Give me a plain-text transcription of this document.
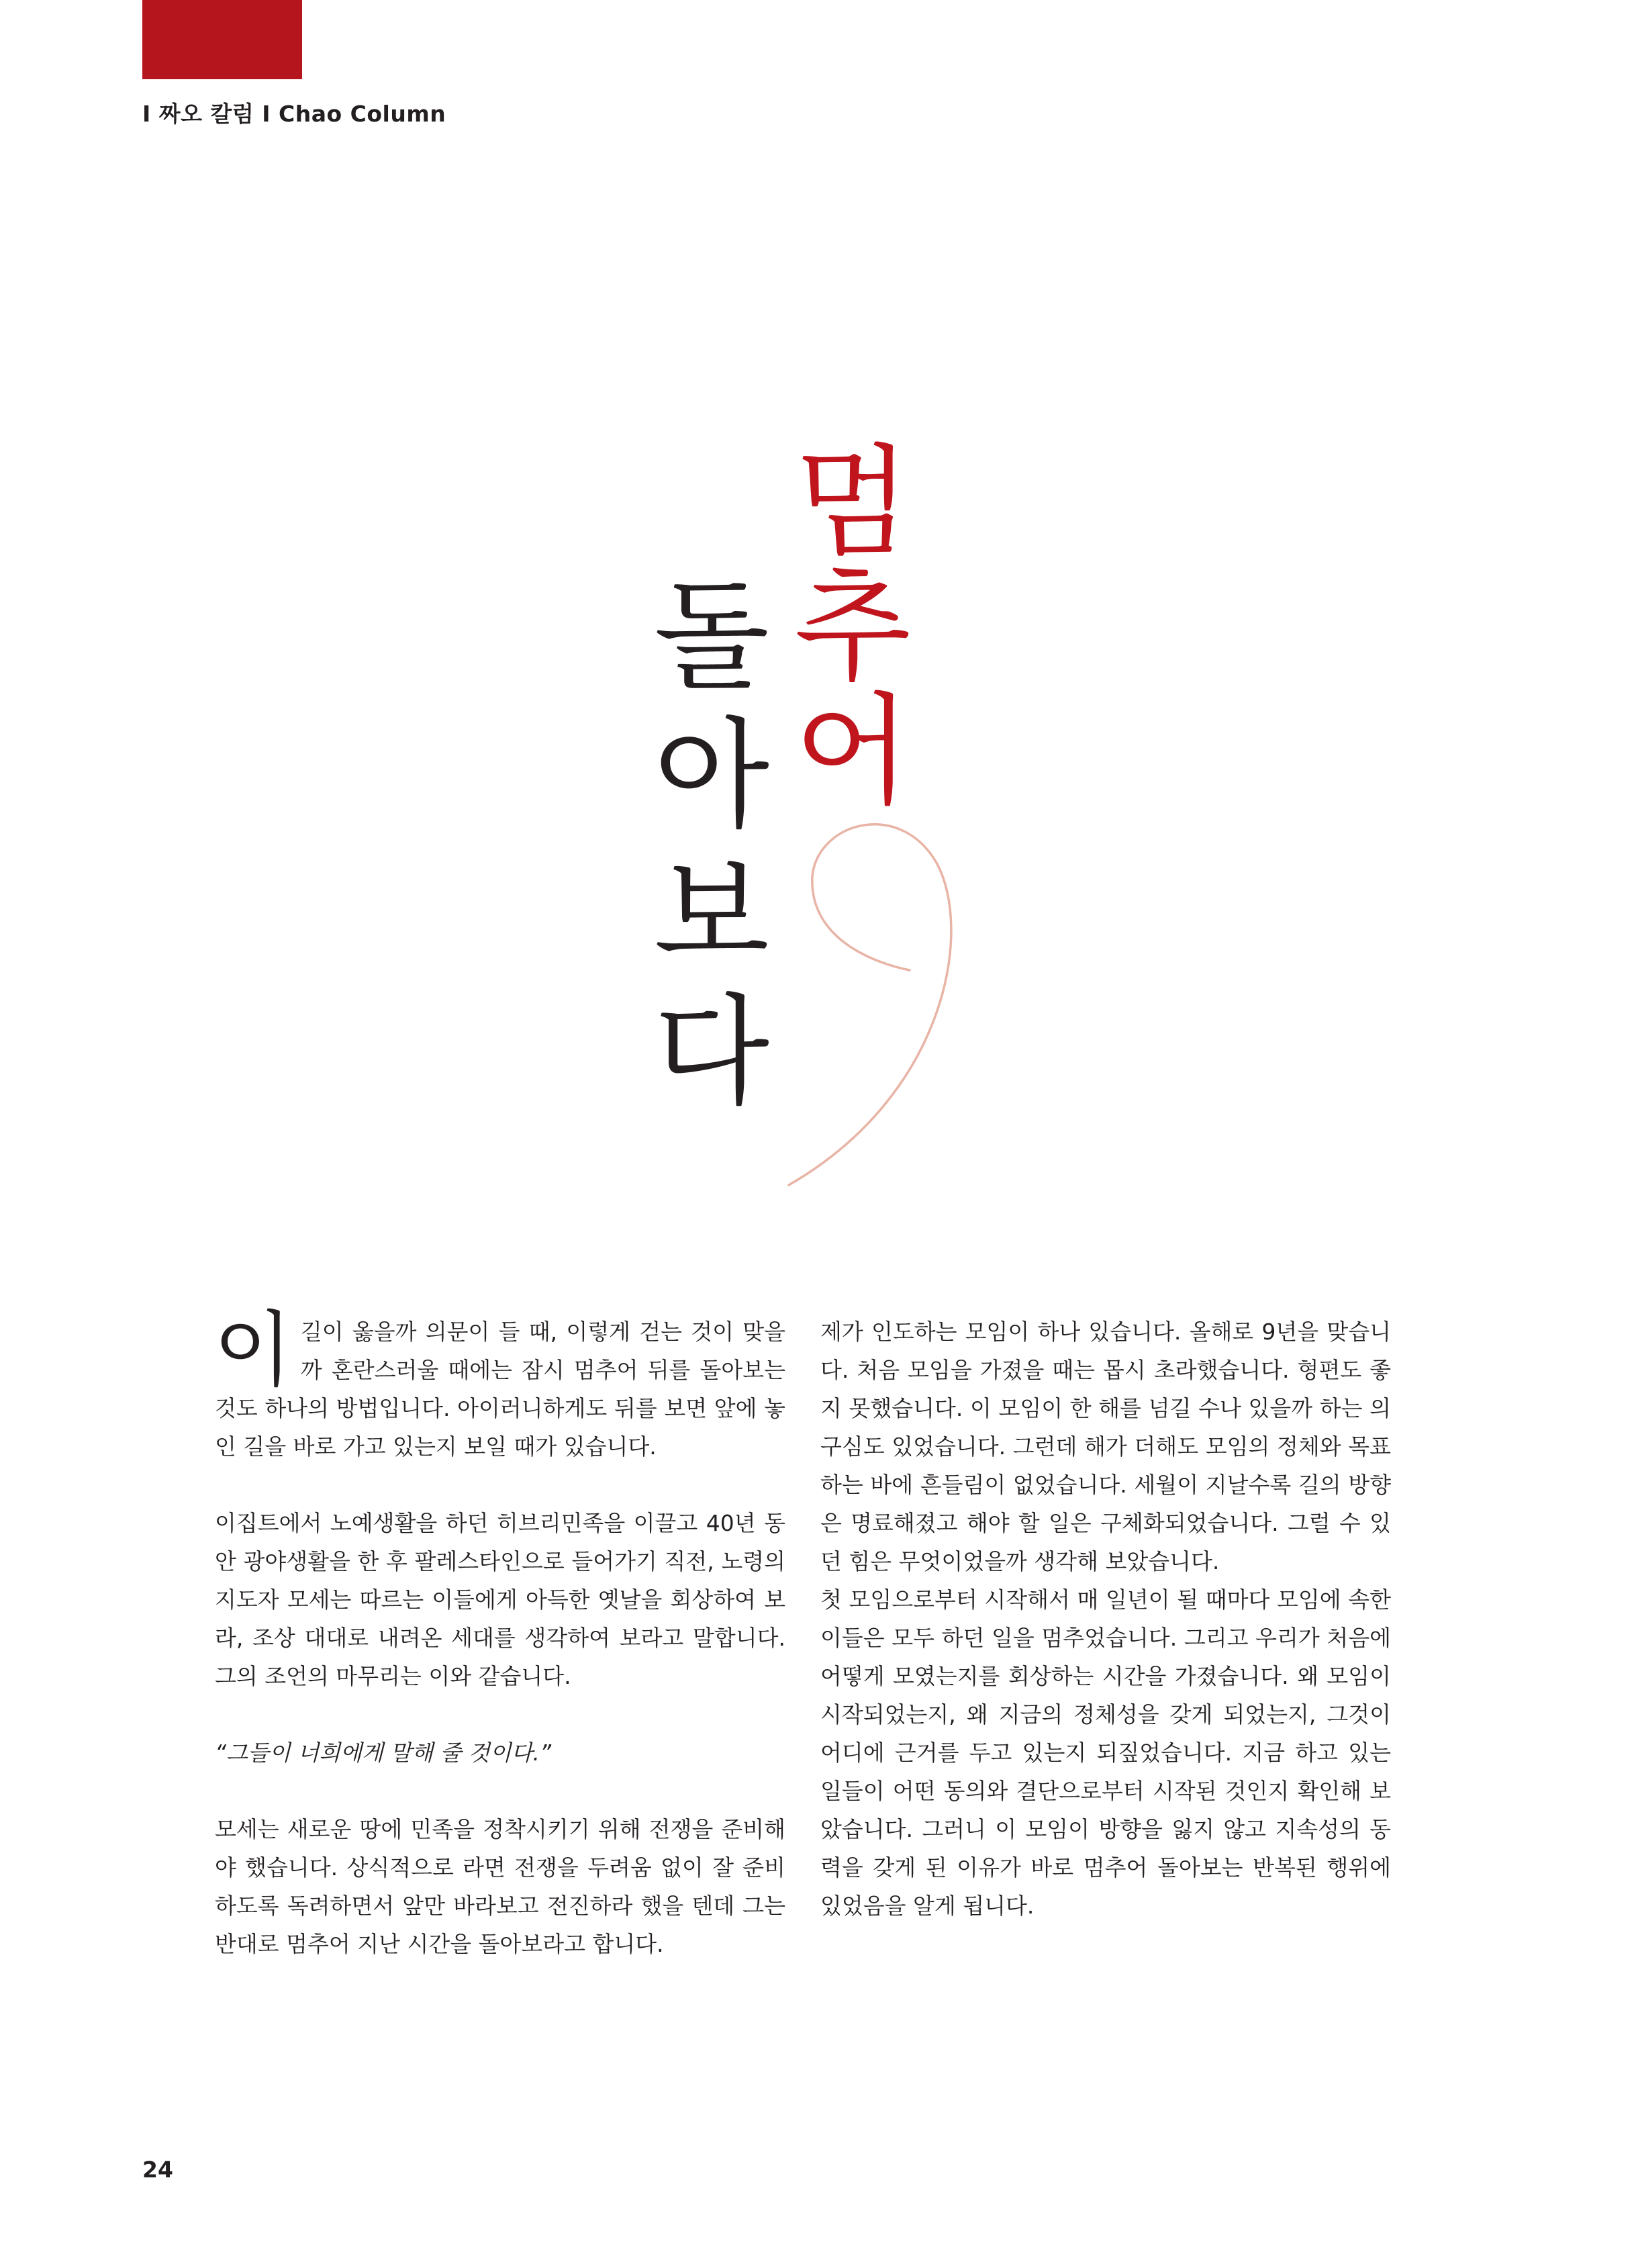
I 짜오 칼럼 I Chao Column
멈
추
어
돌
아
보
다

이길이 옳을까 의문이 들 때, 이렇게 걷는 것이 맞을까 혼란스러울 때에는 잠시 멈추어 뒤를 돌아보는 것도 하나의 방법입니다. 아이러니하게도 뒤를 보면 앞에 놓인 길을 바로 가고 있는지 보일 때가 있습니다.

이집트에서 노예생활을 하던 히브리민족을 이끌고 40년 동안 광야생활을 한 후 팔레스타인으로 들어가기 직전, 노령의 지도자 모세는 따르는 이들에게 아득한 옛날을 회상하여 보라, 조상 대대로 내려온 세대를 생각하여 보라고 말합니다. 그의 조언의 마무리는 이와 같습니다.

“그들이 너희에게 말해 줄 것이다.”

모세는 새로운 땅에 민족을 정착시키기 위해 전쟁을 준비해야 했습니다. 상식적으로 라면 전쟁을 두려움 없이 잘 준비하도록 독려하면서 앞만 바라보고 전진하라 했을 텐데 그는 반대로 멈추어 지난 시간을 돌아보라고 합니다.

제가 인도하는 모임이 하나 있습니다. 올해로 9년을 맞습니다. 처음 모임을 가졌을 때는 몹시 초라했습니다. 형편도 좋지 못했습니다. 이 모임이 한 해를 넘길 수나 있을까 하는 의구심도 있었습니다. 그런데 해가 더해도 모임의 정체와 목표하는 바에 흔들림이 없었습니다. 세월이 지날수록 길의 방향은 명료해졌고 해야 할 일은 구체화되었습니다. 그럴 수 있던 힘은 무엇이었을까 생각해 보았습니다.

첫 모임으로부터 시작해서 매 일년이 될 때마다 모임에 속한 이들은 모두 하던 일을 멈추었습니다. 그리고 우리가 처음에 어떻게 모였는지를 회상하는 시간을 가졌습니다. 왜 모임이 시작되었는지, 왜 지금의 정체성을 갖게 되었는지, 그것이 어디에 근거를 두고 있는지 되짚었습니다. 지금 하고 있는 일들이 어떤 동의와 결단으로부터 시작된 것인지 확인해 보았습니다. 그러니 이 모임이 방향을 잃지 않고 지속성의 동력을 갖게 된 이유가 바로 멈추어 돌아보는 반복된 행위에 있었음을 알게 됩니다.

24
